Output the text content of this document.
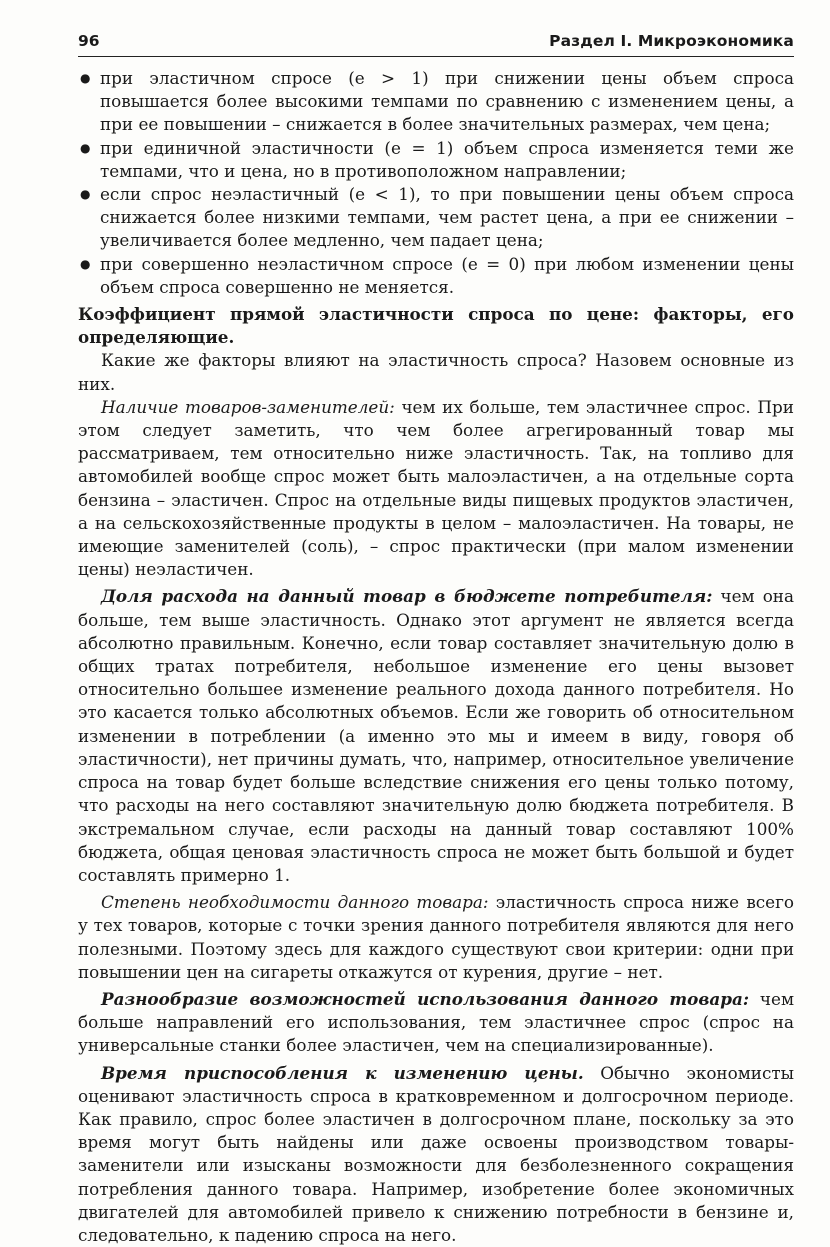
96	Раздел I. Микроэкономика
● при эластичном спросе (e > 1) при снижении цены объем спроса повышается более высокими темпами по сравнению с изменением цены, а при ее повышении – снижается в более значительных размерах, чем цена;
● при единичной эластичности (e = 1) объем спроса изменяется теми же темпами, что и цена, но в противоположном направлении;
● если спрос неэластичный (e < 1), то при повышении цены объем спроса снижается более низкими темпами, чем растет цена, а при ее снижении – увеличивается более медленно, чем падает цена;
● при совершенно неэластичном спросе (e = 0) при любом изменении цены объем спроса совершенно не меняется.
Коэффициент прямой эластичности спроса по цене: факторы, его определяющие.

Какие же факторы влияют на эластичность спроса? Назовем основные из них.

Наличие товаров-заменителей: чем их больше, тем эластичнее спрос. При этом следует заметить, что чем более агрегированный товар мы рассматриваем, тем относительно ниже эластичность. Так, на топливо для автомобилей вообще спрос может быть малоэластичен, а на отдельные сорта бензина – эластичен. Спрос на отдельные виды пищевых продуктов эластичен, а на сельскохозяйственные продукты в целом – малоэластичен. На товары, не имеющие заменителей (соль), – спрос практически (при малом изменении цены) неэластичен.

Доля расхода на данный товар в бюджете потребителя: чем она больше, тем выше эластичность. Однако этот аргумент не является всегда абсолютно правильным. Конечно, если товар составляет значительную долю в общих тратах потребителя, небольшое изменение его цены вызовет относительно большее изменение реального дохода данного потребителя. Но это касается только абсолютных объемов. Если же говорить об относительном изменении в потреблении (а именно это мы и имеем в виду, говоря об эластичности), нет причины думать, что, например, относительное увеличение спроса на товар будет больше вследствие снижения его цены только потому, что расходы на него составляют значительную долю бюджета потребителя. В экстремальном случае, если расходы на данный товар составляют 100% бюджета, общая ценовая эластичность спроса не может быть большой и будет составлять примерно 1.

Степень необходимости данного товара: эластичность спроса ниже всего у тех товаров, которые с точки зрения данного потребителя являются для него полезными. Поэтому здесь для каждого существуют свои критерии: одни при повышении цен на сигареты откажутся от курения, другие – нет.

Разнообразие возможностей использования данного товара: чем больше направлений его использования, тем эластичнее спрос (спрос на универсальные станки более эластичен, чем на специализированные).

Время приспособления к изменению цены. Обычно экономисты оценивают эластичность спроса в кратковременном и долгосрочном периоде. Как правило, спрос более эластичен в долгосрочном плане, поскольку за это время могут быть найдены или даже освоены производством товары-заменители или изысканы возможности для безболезненного сокращения потребления данного товара. Например, изобретение более экономичных двигателей для автомобилей привело к снижению потребности в бензине и, следовательно, к падению спроса на него.
